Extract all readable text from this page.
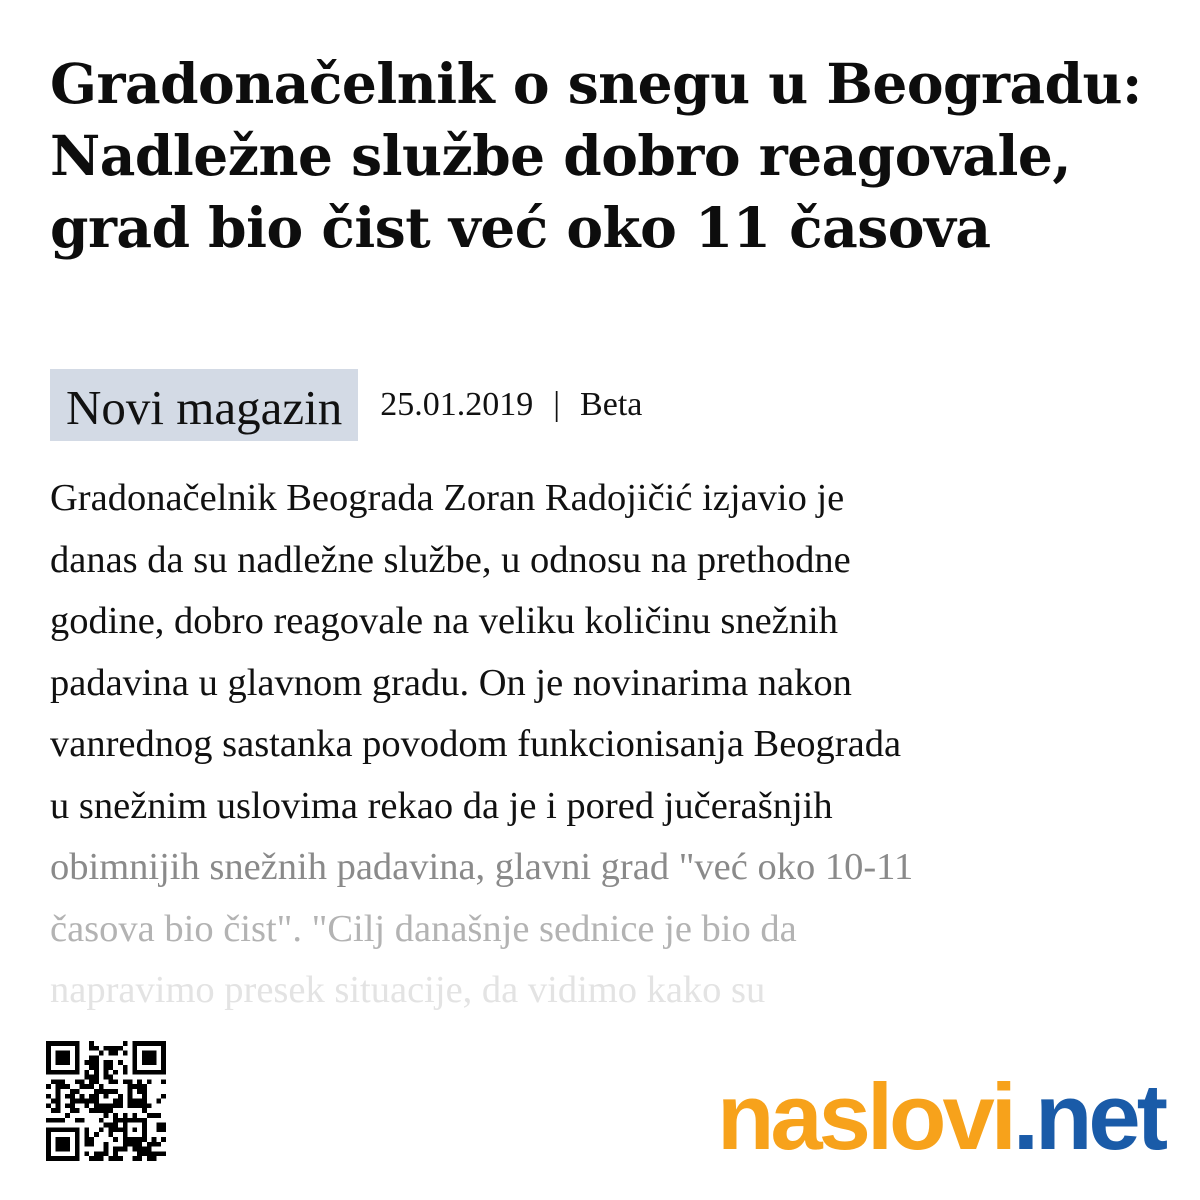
Gradonačelnik o snegu u Beogradu: Nadležne službe dobro reagovale, grad bio čist već oko 11 časova
Novi magazin	25.01.2019 | Beta

Gradonačelnik Beograda Zoran Radojičić izjavio je

danas da su nadležne službe, u odnosu na prethodne

godine, dobro reagovale na veliku količinu snežnih

padavina u glavnom gradu. On je novinarima nakon

vanrednog sastanka povodom funkcionisanja Beograda

u snežnim uslovima rekao da je i pored jučerašnjih

obimnijih snežnih padavina, glavni grad "već oko 10-11

časova bio čist". "Cilj današnje sednice je bio da

napravimo presek situacije, da vidimo kako su

naslovi.net
